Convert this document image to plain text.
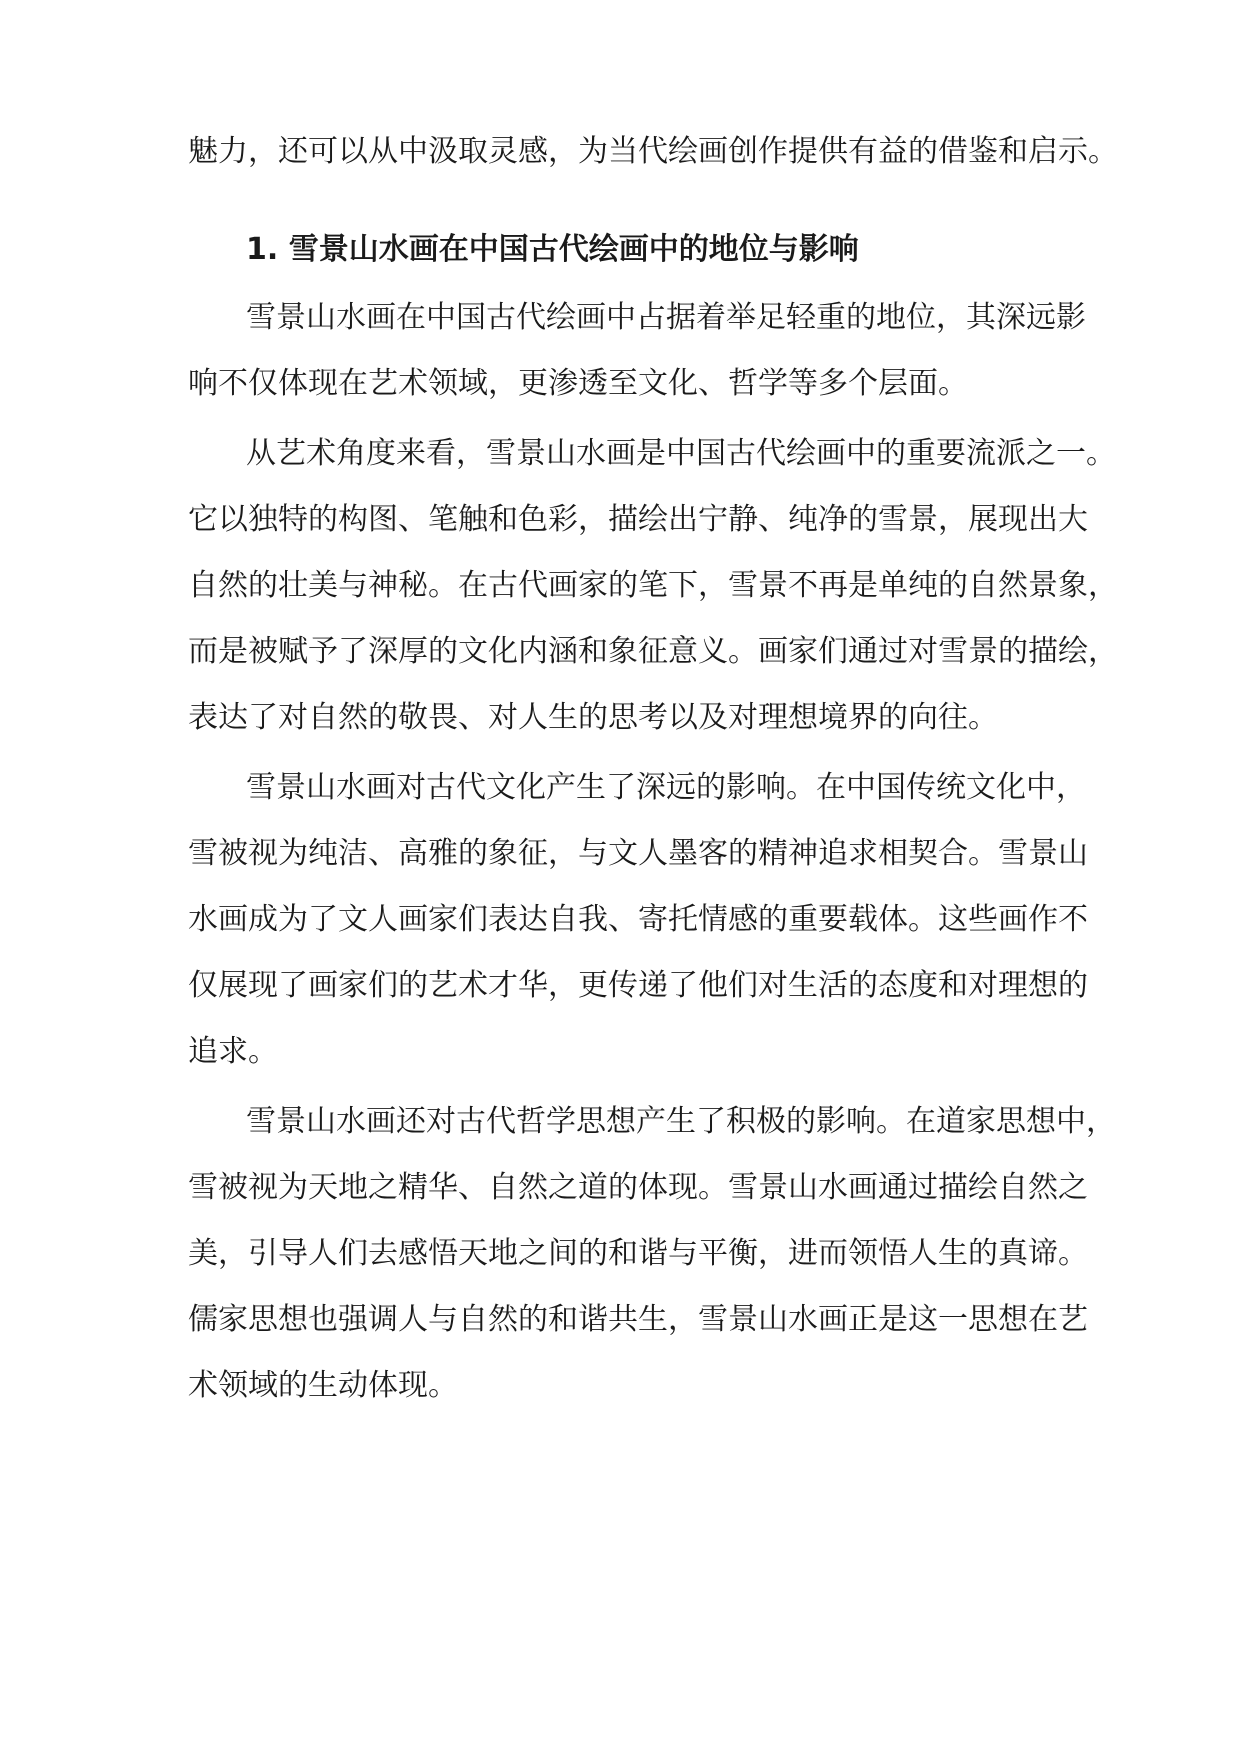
魅力，还可以从中汲取灵感，为当代绘画创作提供有益的借鉴和启示。
1. 雪景山水画在中国古代绘画中的地位与影响
雪景山水画在中国古代绘画中占据着举足轻重的地位，其深远影
响不仅体现在艺术领域，更渗透至文化、哲学等多个层面。
从艺术角度来看，雪景山水画是中国古代绘画中的重要流派之一。
它以独特的构图、笔触和色彩，描绘出宁静、纯净的雪景，展现出大
自然的壮美与神秘。在古代画家的笔下，雪景不再是单纯的自然景象，
而是被赋予了深厚的文化内涵和象征意义。画家们通过对雪景的描绘，
表达了对自然的敬畏、对人生的思考以及对理想境界的向往。
雪景山水画对古代文化产生了深远的影响。在中国传统文化中，
雪被视为纯洁、高雅的象征，与文人墨客的精神追求相契合。雪景山
水画成为了文人画家们表达自我、寄托情感的重要载体。这些画作不
仅展现了画家们的艺术才华，更传递了他们对生活的态度和对理想的
追求。
雪景山水画还对古代哲学思想产生了积极的影响。在道家思想中，
雪被视为天地之精华、自然之道的体现。雪景山水画通过描绘自然之
美，引导人们去感悟天地之间的和谐与平衡，进而领悟人生的真谛。
儒家思想也强调人与自然的和谐共生，雪景山水画正是这一思想在艺
术领域的生动体现。
